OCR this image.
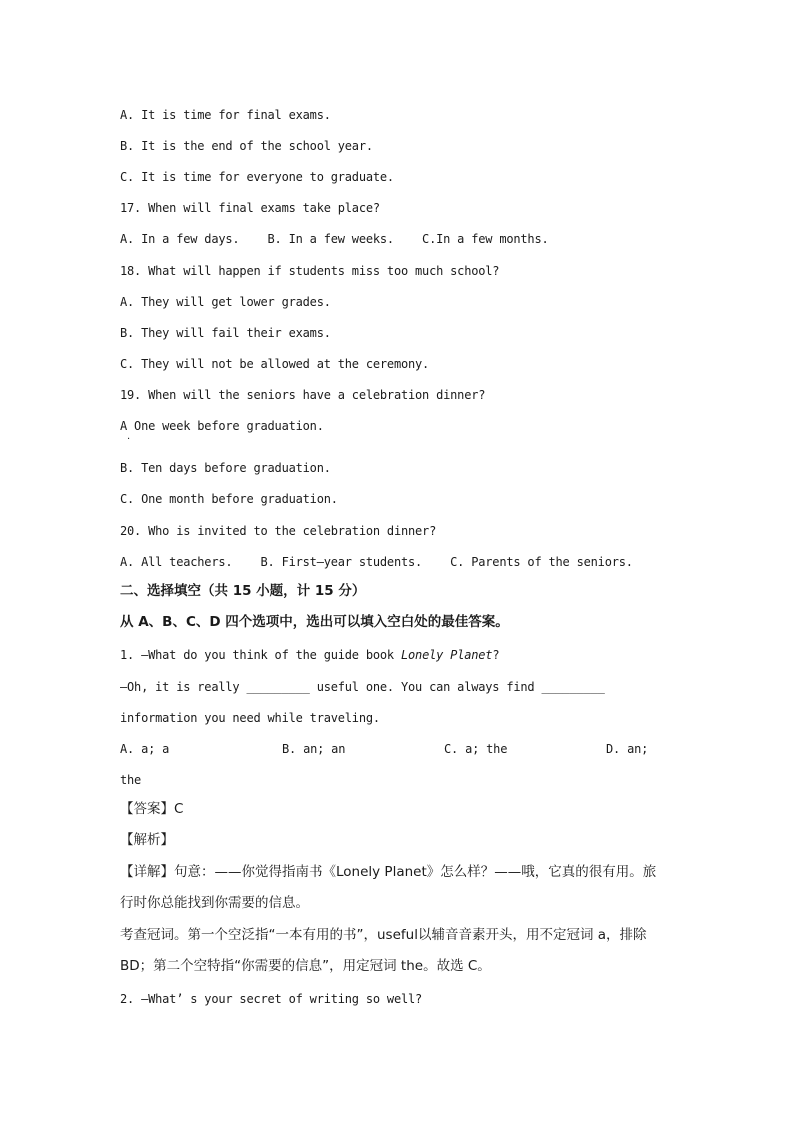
A. It is time for final exams.
B. It is the end of the school year.
C. It is time for everyone to graduate.
17. When will final exams take place?
A. In a few days.    B. In a few weeks.    C.In a few months.
18. What will happen if students miss too much school?
A. They will get lower grades.
B. They will fail their exams.
C. They will not be allowed at the ceremony.
19. When will the seniors have a celebration dinner?
A One week before graduation.
·
B. Ten days before graduation.
C. One month before graduation.
20. Who is invited to the celebration dinner?
A. All teachers.    B. First—year students.    C. Parents of the seniors.
二、选择填空（共 15 小题，计 15 分）
从 A、B、C、D 四个选项中，选出可以填入空白处的最佳答案。
1. —What do you think of the guide book Lonely Planet?
—Oh, it is really _________ useful one. You can always find _________
information you need while traveling.
A. a; a	B. an; an	C. a; the	D. an;
the
【答案】C
【解析】
【详解】句意：——你觉得指南书《Lonely Planet》怎么样？——哦，它真的很有用。旅
行时你总能找到你需要的信息。
考查冠词。第一个空泛指“一本有用的书”，useful以辅音音素开头，用不定冠词 a，排除
BD；第二个空特指“你需要的信息”，用定冠词 the。故选 C。
2. —What’ s your secret of writing so well?
